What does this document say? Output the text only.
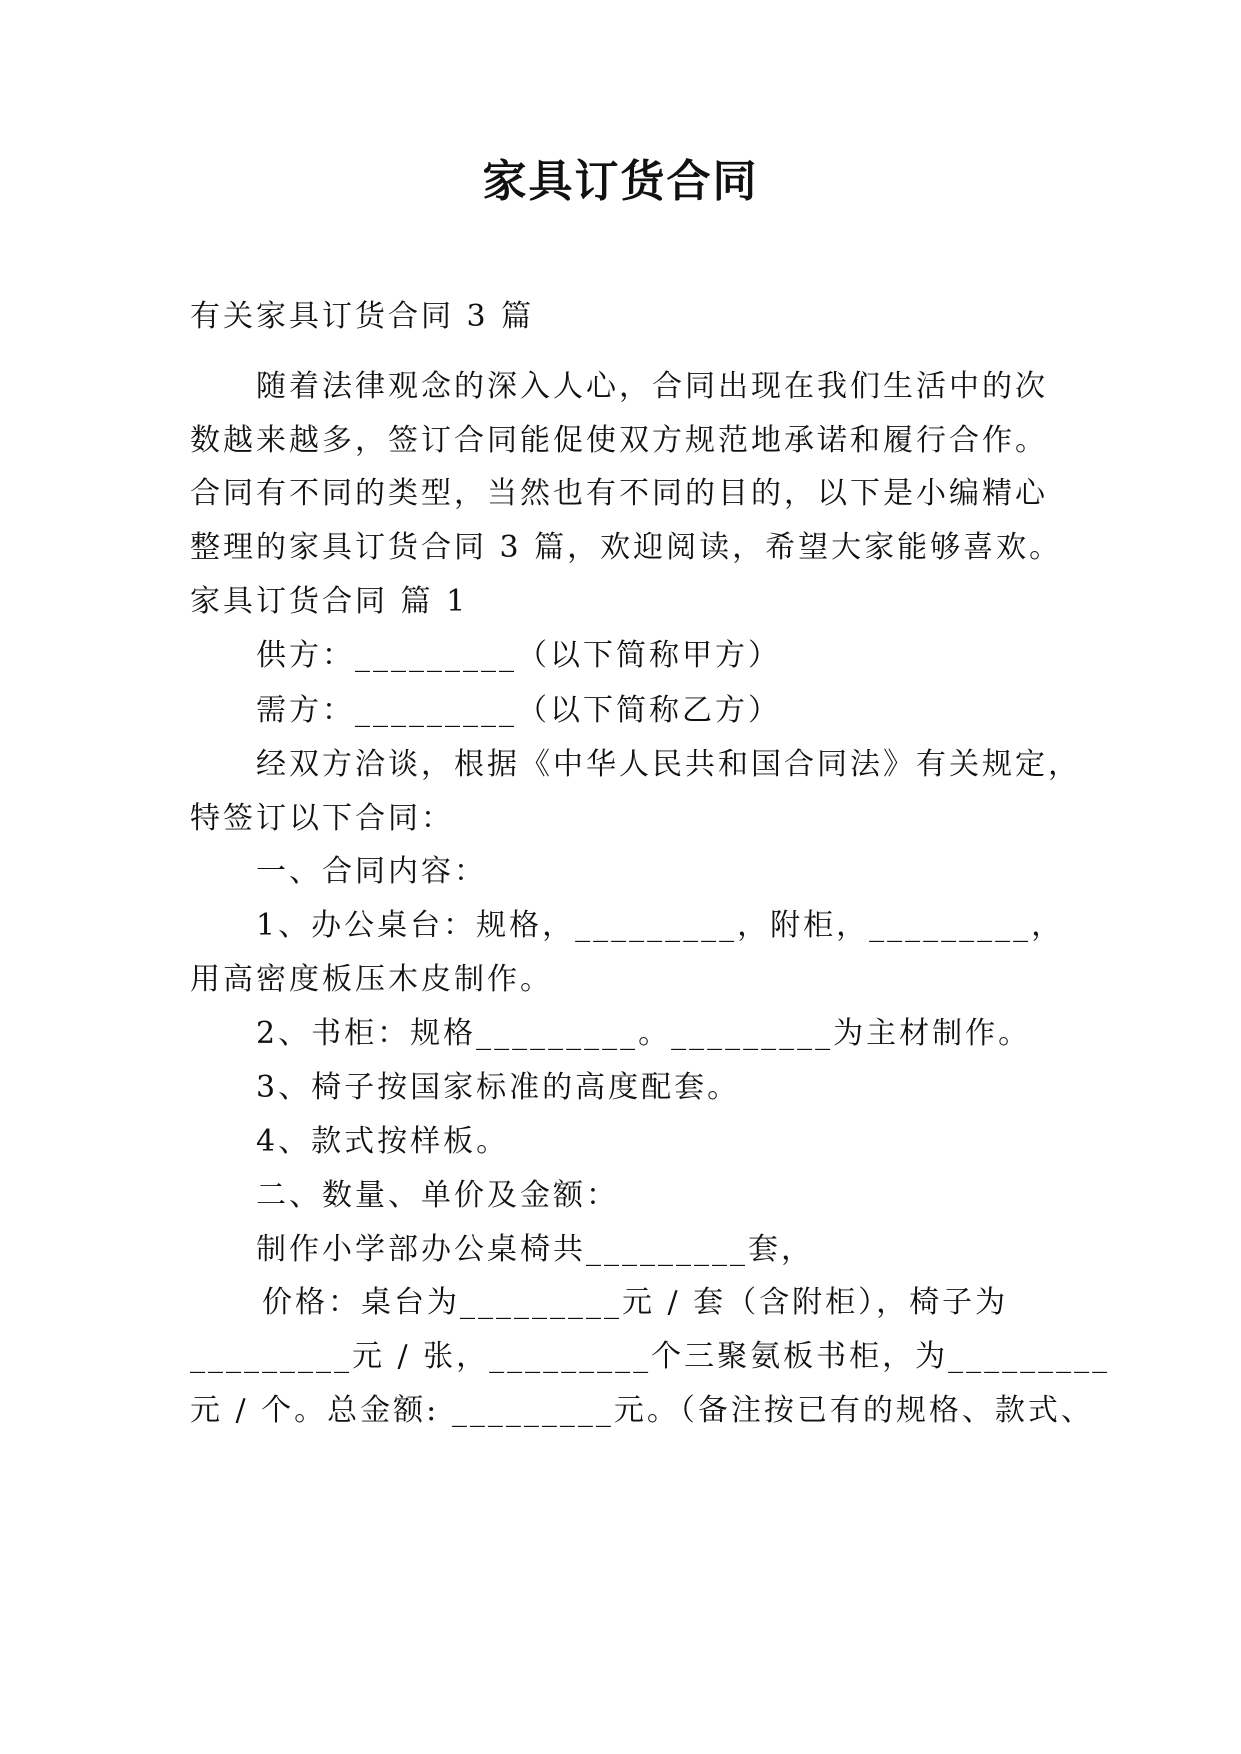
家具订货合同
有关家具订货合同 3 篇
随着法律观念的深入人心，合同出现在我们生活中的次
数越来越多，签订合同能促使双方规范地承诺和履行合作。
合同有不同的类型，当然也有不同的目的，以下是小编精心
整理的家具订货合同 3 篇，欢迎阅读，希望大家能够喜欢。
家具订货合同 篇 1
供方：_________（以下简称甲方）
需方：_________（以下简称乙方）
经双方洽谈，根据《中华人民共和国合同法》有关规定，
特签订以下合同：
一、合同内容：
1、办公桌台：规格，_________，附柜，_________，
用高密度板压木皮制作。
2、书柜：规格_________。_________为主材制作。
3、椅子按国家标准的高度配套。
4、款式按样板。
二、数量、单价及金额：
制作小学部办公桌椅共_________套，
价格：桌台为_________元 / 套（含附柜），椅子为
_________元 / 张，_________个三聚氨板书柜，为_________
元 / 个。总金额: _________元。（备注按已有的规格、款式、
